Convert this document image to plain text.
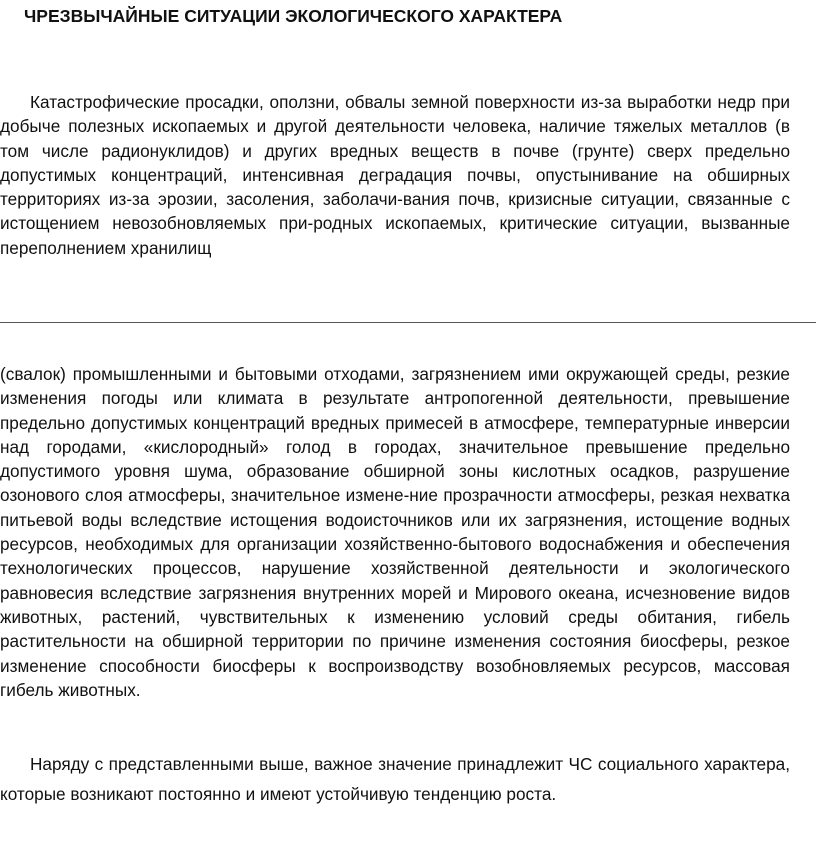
ЧРЕЗВЫЧАЙНЫЕ СИТУАЦИИ ЭКОЛОГИЧЕСКОГО ХАРАКТЕРА

Катастрофические просадки, оползни, обвалы земной поверхности из-за выработки недр при добыче полезных ископаемых и другой деятельности человека, наличие тяжелых металлов (в том числе радионуклидов) и других вредных веществ в почве (грунте) сверх предельно допустимых концентраций, интенсивная деградация почвы, опустынивание на обширных территориях из-за эрозии, засоления, заболачи-вания почв, кризисные ситуации, связанные с истощением невозобновляемых при-родных ископаемых, критические ситуации, вызванные переполнением хранилищ

(свалок) промышленными и бытовыми отходами, загрязнением ими окружающей среды, резкие изменения погоды или климата в результате антропогенной деятельности, превышение предельно допустимых концентраций вредных примесей в атмосфере, температурные инверсии над городами, «кислородный» голод в городах, значительное превышение предельно допустимого уровня шума, образование обширной зоны кислотных осадков, разрушение озонового слоя атмосферы, значительное измене-ние прозрачности атмосферы, резкая нехватка питьевой воды вследствие истощения водоисточников или их загрязнения, истощение водных ресурсов, необходимых для организации хозяйственно-бытового водоснабжения и обеспечения технологических процессов, нарушение хозяйственной деятельности и экологического равновесия вследствие загрязнения внутренних морей и Мирового океана, исчезновение видов животных, растений, чувствительных к изменению условий среды обитания, гибель растительности на обширной территории по причине изменения состояния биосферы, резкое изменение способности биосферы к воспроизводству возобновляемых ресурсов, массовая гибель животных.

Наряду с представленными выше, важное значение принадлежит ЧС социального характера, которые возникают постоянно и имеют устойчивую тенденцию роста.
